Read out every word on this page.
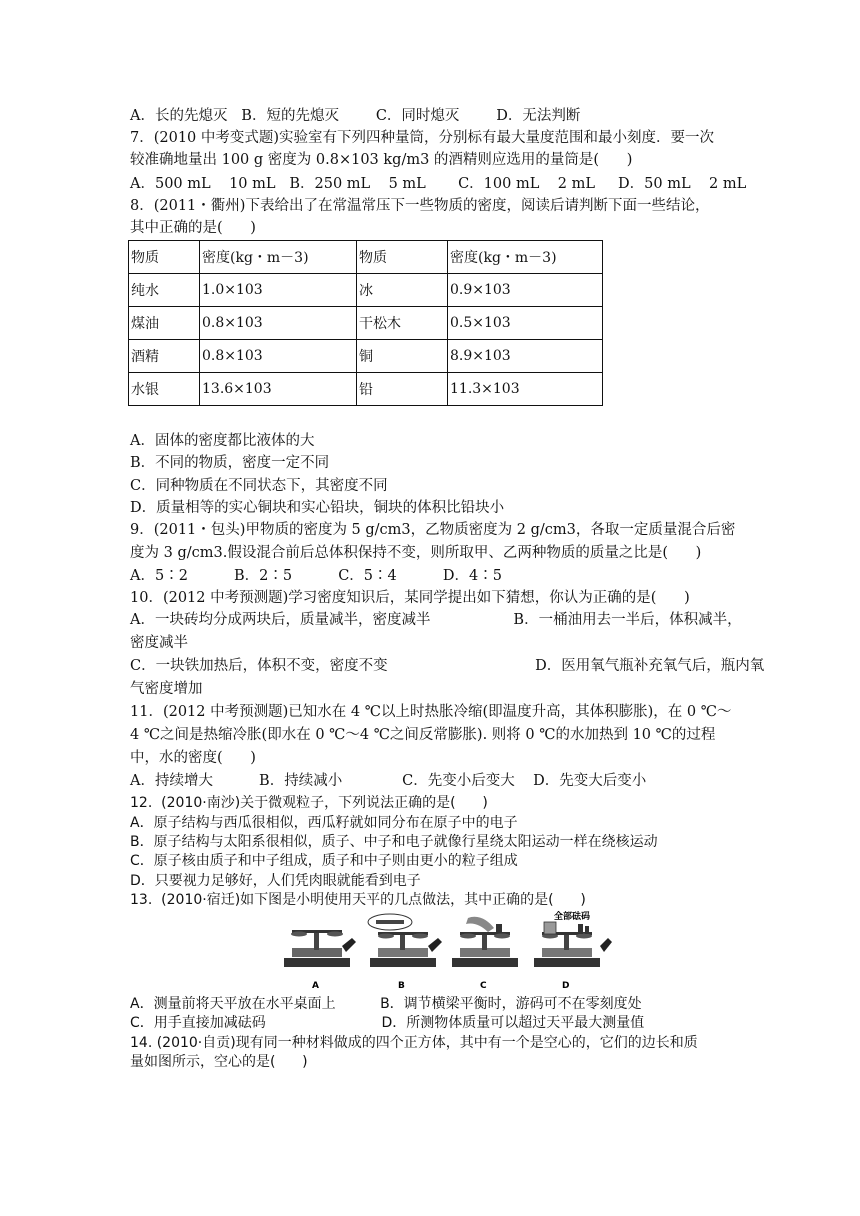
A．长的先熄灭   B．短的先熄灭        C．同时熄灭        D．无法判断
7．(2010 中考变式题)实验室有下列四种量筒，分别标有最大量度范围和最小刻度．要一次
较准确地量出 100 g 密度为 0.8×103 kg/m3 的酒精则应选用的量筒是(      )
A．500 mL    10 mL   B．250 mL    5 mL       C．100 mL    2 mL     D．50 mL    2 mL
8．(2011・衢州)下表给出了在常温常压下一些物质的密度，阅读后请判断下面一些结论，
其中正确的是(      )
物质	密度(kg・m－3)	物质	密度(kg・m－3)
纯水	1.0×103	冰	0.9×103
煤油	0.8×103	干松木	0.5×103
酒精	0.8×103	铜	8.9×103
水银	13.6×103	铅	11.3×103
A．固体的密度都比液体的大
B．不同的物质，密度一定不同
C．同种物质在不同状态下，其密度不同
D．质量相等的实心铜块和实心铅块，铜块的体积比铅块小
9．(2011・包头)甲物质的密度为 5 g/cm3，乙物质密度为 2 g/cm3，各取一定质量混合后密
度为 3 g/cm3.假设混合前后总体积保持不变，则所取甲、乙两种物质的质量之比是(      )
A．5∶2          B．2∶5          C．5∶4          D．4∶5
10．(2012 中考预测题)学习密度知识后，某同学提出如下猜想，你认为正确的是(      )
A．一块砖均分成两块后，质量减半，密度减半                  B．一桶油用去一半后，体积减半，
密度减半
C．一块铁加热后，体积不变，密度不变                                D．医用氧气瓶补充氧气后，瓶内氧
气密度增加
11．(2012 中考预测题)已知水在 4 ℃以上时热胀冷缩(即温度升高，其体积膨胀)，在 0 ℃～
4 ℃之间是热缩冷胀(即水在 0 ℃～4 ℃之间反常膨胀). 则将 0 ℃的水加热到 10 ℃的过程
中，水的密度(      )
A．持续增大          B．持续减小             C．先变小后变大    D．先变大后变小
12.  (2010·南沙)关于微观粒子，下列说法正确的是(      )
A．原子结构与西瓜很相似，西瓜籽就如同分布在原子中的电子
B．原子结构与太阳系很相似，质子、中子和电子就像行星绕太阳运动一样在绕核运动
C．原子核由质子和中子组成，质子和中子则由更小的粒子组成
D．只要视力足够好，人们凭肉眼就能看到电子
13.  (2010·宿迁)如下图是小明使用天平的几点做法，其中正确的是(      )
A	B	C
全部砝码
D
A．测量前将天平放在水平桌面上          B．调节横梁平衡时，游码可不在零刻度处
C．用手直接加减砝码                          D．所测物体质量可以超过天平最大测量值
14. (2010·自贡)现有同一种材料做成的四个正方体，其中有一个是空心的，它们的边长和质
量如图所示，空心的是(      )
